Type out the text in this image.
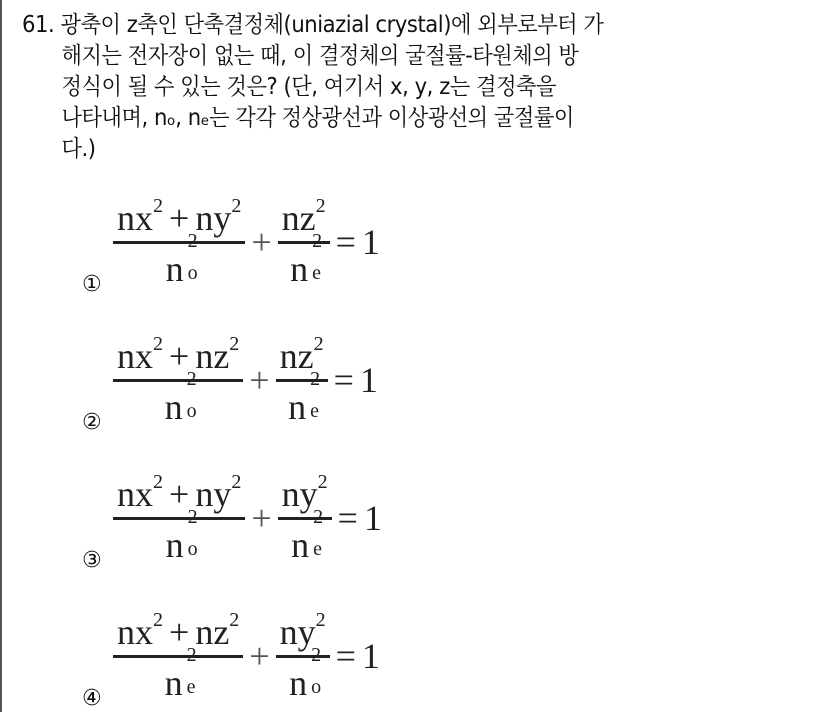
61. 광축이 z축인 단축결정체(uniazial crystal)에 외부로부터 가
해지는 전자장이 없는 때, 이 결정체의 굴절률-타원체의 방
정식이 될 수 있는 것은? (단, 여기서 x, y, z는 결정축을
나타내며, nₒ, nₑ는 각각 정상광선과 이상광선의 굴절률이
다.)
① $nx^2 + ny^2$
n
2
o
+ $nz^2$
n
2
e
= 1
② $nx^2 + nz^2$
n
2
o
+ $nz^2$
n
2
e
= 1
③ $nx^2 + ny^2$
n
2
o
+ $ny^2$
n
2
e
= 1
④ $nx^2 + nz^2$
n
2
e
+ $ny^2$
n
2
o
= 1
